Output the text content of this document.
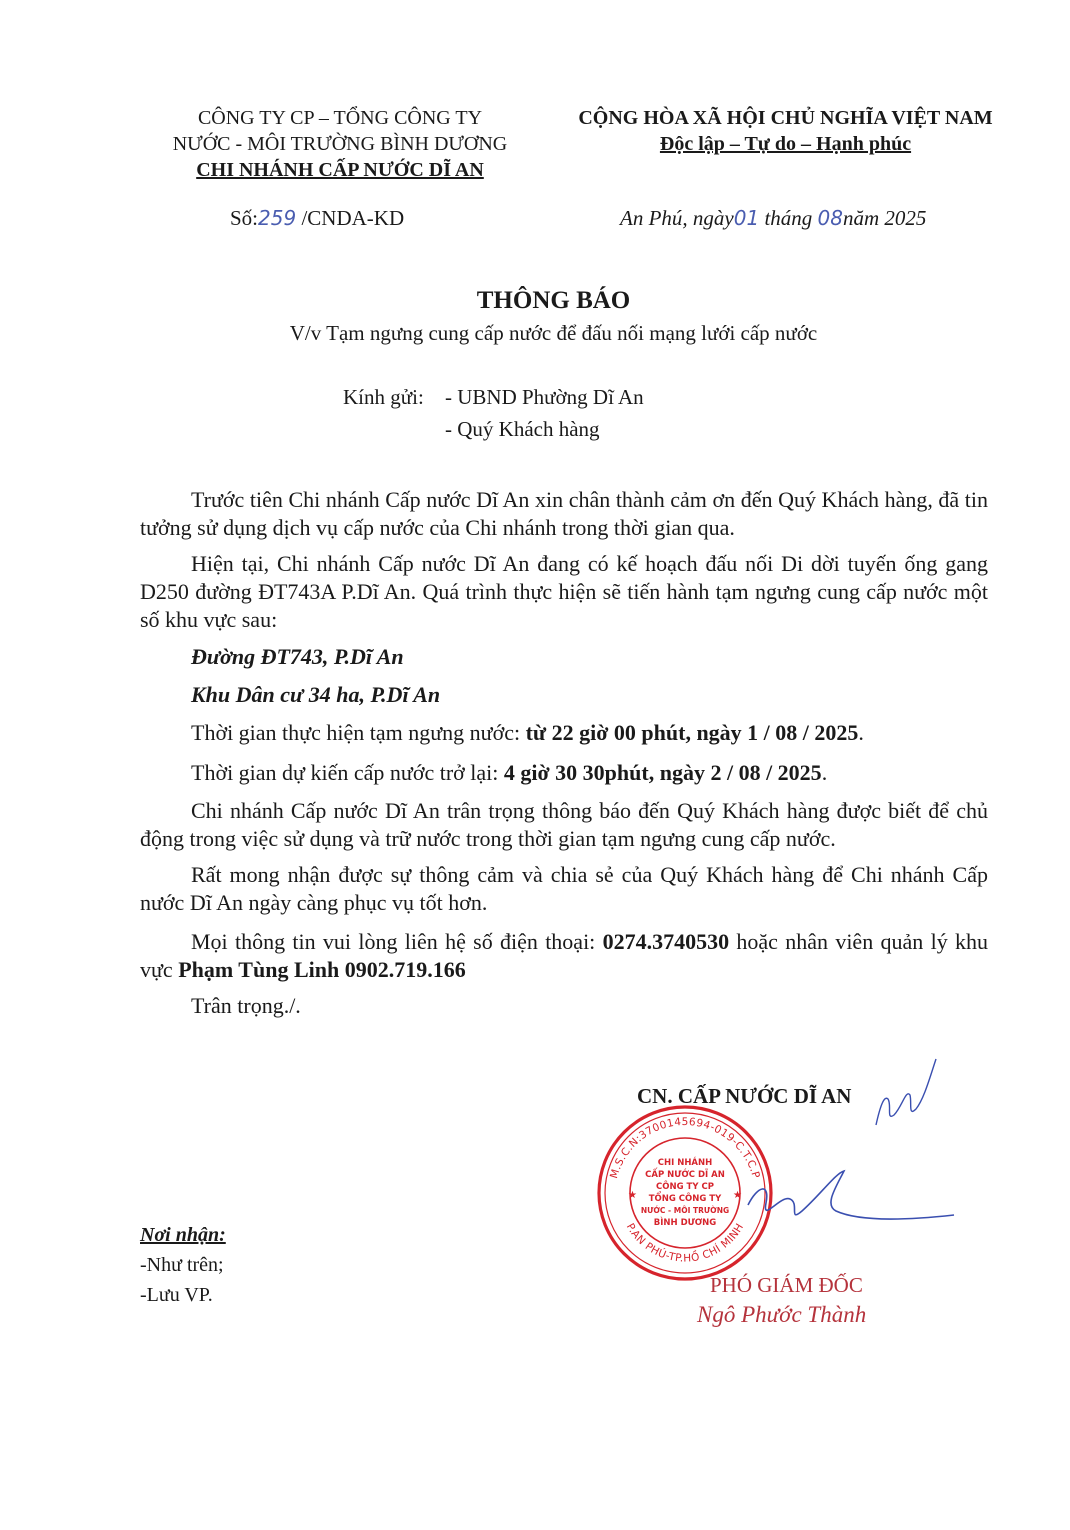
CÔNG TY CP – TỔNG CÔNG TY
NƯỚC - MÔI TRƯỜNG BÌNH DƯƠNG
CHI NHÁNH CẤP NƯỚC DĨ AN
CỘNG HÒA XÃ HỘI CHỦ NGHĨA VIỆT NAM
Độc lập – Tự do – Hạnh phúc
Số:259 /CNDA-KD	An Phú, ngày01 tháng 08năm 2025
THÔNG BÁO
V/v Tạm ngưng cung cấp nước để đấu nối mạng lưới cấp nước
Kính gửi: - UBND Phường Dĩ An
- Quý Khách hàng
Trước tiên Chi nhánh Cấp nước Dĩ An xin chân thành cảm ơn đến Quý Khách hàng, đã tin tưởng sử dụng dịch vụ cấp nước của Chi nhánh trong thời gian qua.
Hiện tại, Chi nhánh Cấp nước Dĩ An đang có kế hoạch đấu nối Di dời tuyến ống gang D250 đường ĐT743A P.Dĩ An. Quá trình thực hiện sẽ tiến hành tạm ngưng cung cấp nước một số khu vực sau:
Đường ĐT743, P.Dĩ An
Khu Dân cư 34 ha, P.Dĩ An
Thời gian thực hiện tạm ngưng nước: từ 22 giờ 00 phút, ngày 1 / 08 / 2025.
Thời gian dự kiến cấp nước trở lại: 4 giờ 30 30phút, ngày 2 / 08 / 2025.
Chi nhánh Cấp nước Dĩ An trân trọng thông báo đến Quý Khách hàng được biết để chủ động trong việc sử dụng và trữ nước trong thời gian tạm ngưng cung cấp nước.
Rất mong nhận được sự thông cảm và chia sẻ của Quý Khách hàng để Chi nhánh Cấp nước Dĩ An ngày càng phục vụ tốt hơn.
Mọi thông tin vui lòng liên hệ số điện thoại: 0274.3740530 hoặc nhân viên quản lý khu vực Phạm Tùng Linh 0902.719.166
Trân trọng./.
CN. CẤP NƯỚC DĨ AN
M.S.C.N:3700145694-019-C.T.C.P
P.AN PHÚ-TP.HỒ CHÍ MINH
★	★
CHI NHÁNH
CẤP NƯỚC DĨ AN
CÔNG TY CP
TỔNG CÔNG TY
NƯỚC - MÔI TRƯỜNG
BÌNH DƯƠNG
PHÓ GIÁM ĐỐC
Ngô Phước Thành
Nơi nhận:
-Như trên;
-Lưu VP.
